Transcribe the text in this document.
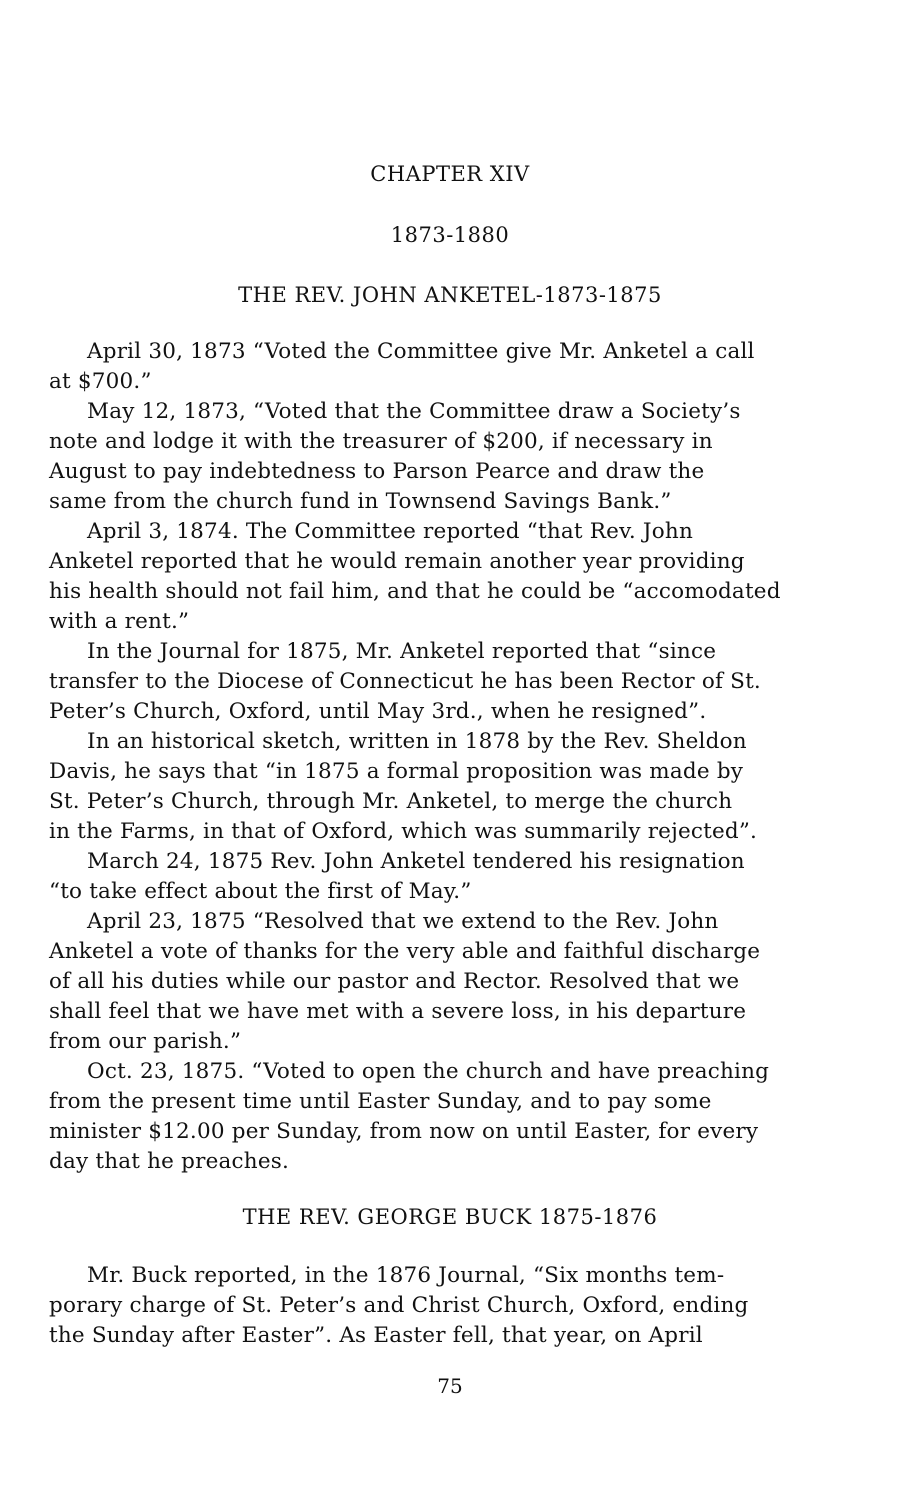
CHAPTER XIV
1873-1880
THE REV. JOHN ANKETEL-1873-1875
April 30, 1873 “Voted the Committee give Mr. Anketel a call
at $700.”
May 12, 1873, “Voted that the Committee draw a Society’s
note and lodge it with the treasurer of $200, if necessary in
August to pay indebtedness to Parson Pearce and draw the
same from the church fund in Townsend Savings Bank.”
April 3, 1874. The Committee reported “that Rev. John
Anketel reported that he would remain another year providing
his health should not fail him, and that he could be “accomodated
with a rent.”
In the Journal for 1875, Mr. Anketel reported that “since
transfer to the Diocese of Connecticut he has been Rector of St.
Peter’s Church, Oxford, until May 3rd., when he resigned”.
In an historical sketch, written in 1878 by the Rev. Sheldon
Davis, he says that “in 1875 a formal proposition was made by
St. Peter’s Church, through Mr. Anketel, to merge the church
in the Farms, in that of Oxford, which was summarily rejected”.
March 24, 1875 Rev. John Anketel tendered his resignation
“to take effect about the first of May.”
April 23, 1875 “Resolved that we extend to the Rev. John
Anketel a vote of thanks for the very able and faithful discharge
of all his duties while our pastor and Rector. Resolved that we
shall feel that we have met with a severe loss, in his departure
from our parish.”
Oct. 23, 1875. “Voted to open the church and have preaching
from the present time until Easter Sunday, and to pay some
minister $12.00 per Sunday, from now on until Easter, for every
day that he preaches.
THE REV. GEORGE BUCK 1875-1876
Mr. Buck reported, in the 1876 Journal, “Six months tem-
porary charge of St. Peter’s and Christ Church, Oxford, ending
the Sunday after Easter”. As Easter fell, that year, on April
75
